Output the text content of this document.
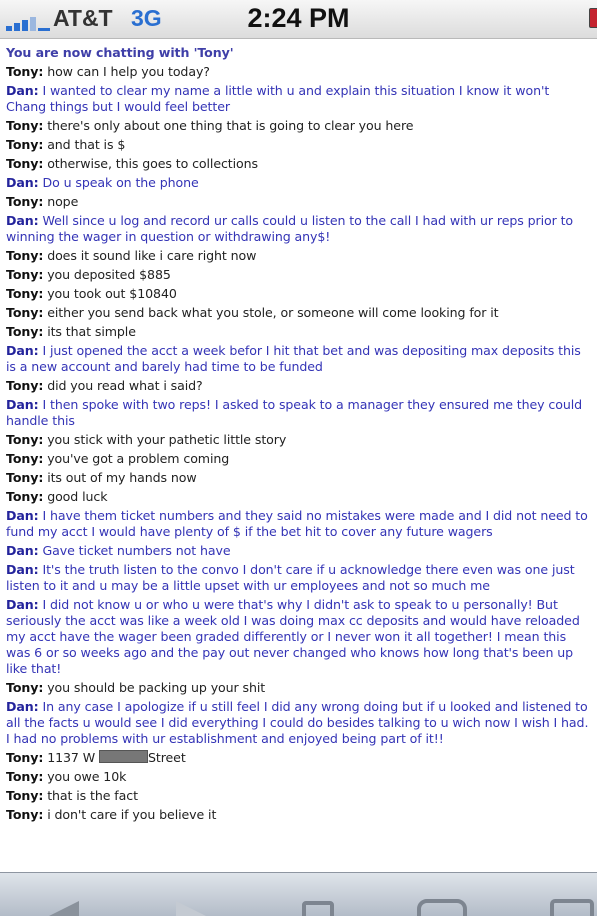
AT&T 3G	2:24 PM
You are now chatting with 'Tony'
Tony: how can I help you today?
Dan: I wanted to clear my name a little with u and explain this situation I know it won't Chang things but I would feel better
Tony: there's only about one thing that is going to clear you here
Tony: and that is $
Tony: otherwise, this goes to collections
Dan: Do u speak on the phone
Tony: nope
Dan: Well since u log and record ur calls could u listen to the call I had with ur reps prior to winning the wager in question or withdrawing any$!
Tony: does it sound like i care right now
Tony: you deposited $885
Tony: you took out $10840
Tony: either you send back what you stole, or someone will come looking for it
Tony: its that simple
Dan: I just opened the acct a week befor I hit that bet and was depositing max deposits this is a new account and barely had time to be funded
Tony: did you read what i said?
Dan: I then spoke with two reps! I asked to speak to a manager they ensured me they could handle this
Tony: you stick with your pathetic little story
Tony: you've got a problem coming
Tony: its out of my hands now
Tony: good luck
Dan: I have them ticket numbers and they said no mistakes were made and I did not need to fund my acct I would have plenty of $ if the bet hit to cover any future wagers
Dan: Gave ticket numbers not have
Dan: It's the truth listen to the convo I don't care if u acknowledge there even was one just listen to it and u may be a little upset with ur employees and not so much me
Dan: I did not know u or who u were that's why I didn't ask to speak to u personally! But seriously the acct was like a week old I was doing max cc deposits and would have reloaded my acct have the wager been graded differently or I never won it all together! I mean this was 6 or so weeks ago and the pay out never changed who knows how long that's been up like that!
Tony: you should be packing up your shit
Dan: In any case I apologize if u still feel I did any wrong doing but if u looked and listened to all the facts u would see I did everything I could do besides talking to u wich now I wish I had. I had no problems with ur establishment and enjoyed being part of it!!
Tony: 1137 W	Street
Tony: you owe 10k
Tony: that is the fact
Tony: i don't care if you believe it
